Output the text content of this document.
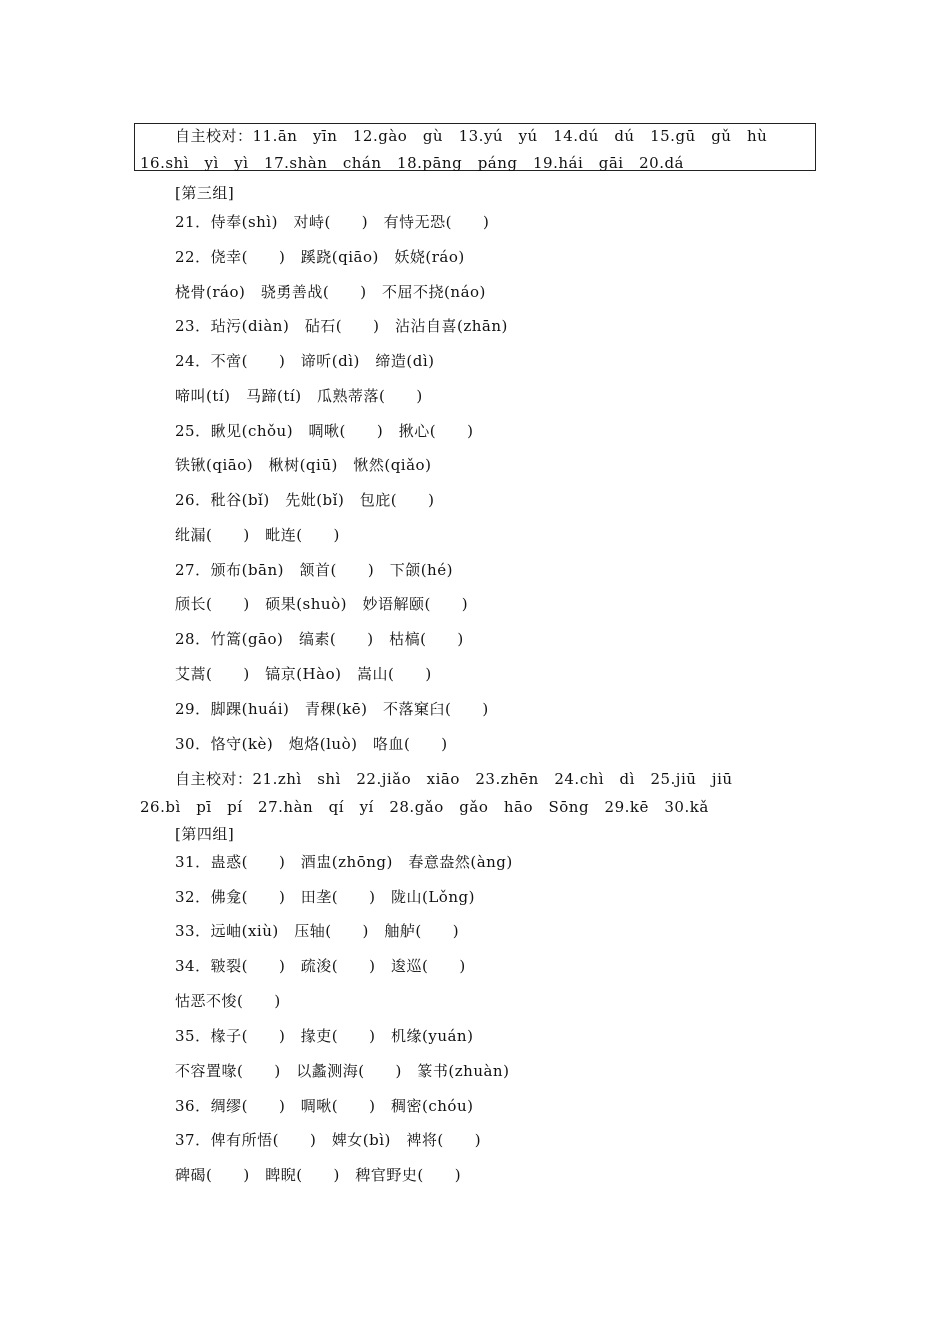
自主校对：11.ān　yīn　12.gào　gù　13.yú　yú　14.dú　dú　15.gū　gǔ　hù
16.shì　yì　yì　17.shàn　chán　18.pāng　páng　19.hái　gāi　20.dá
[第三组]
21．侍奉(shì)　对峙(　　)　有恃无恐(　　)
22．侥幸(　　)　蹊跷(qiāo)　妖娆(ráo)
桡骨(ráo)　骁勇善战(　　)　不屈不挠(náo)
23．玷污(diàn)　砧石(　　)　沾沾自喜(zhān)
24．不啻(　　)　谛听(dì)　缔造(dì)
啼叫(tí)　马蹄(tí)　瓜熟蒂落(　　)
25．瞅见(chǒu)　啁啾(　　)　揪心(　　)
铁锹(qiāo)　楸树(qiū)　愀然(qiǎo)
26．秕谷(bǐ)　先妣(bǐ)　包庇(　　)
纰漏(　　)　毗连(　　)
27．颁布(bān)　颔首(　　)　下颌(hé)
颀长(　　)　硕果(shuò)　妙语解颐(　　)
28．竹篙(gāo)　缟素(　　)　枯槁(　　)
艾蒿(　　)　镐京(Hào)　嵩山(　　)
29．脚踝(huái)　青稞(kē)　不落窠臼(　　)
30．恪守(kè)　炮烙(luò)　咯血(　　)
自主校对：21.zhì　shì　22.jiǎo　xiāo　23.zhēn　24.chì　dì　25.jiū　jiū
26.bì　pī　pí　27.hàn　qí　yí　28.gǎo　gǎo　hāo　Sōng　29.kē　30.kǎ
[第四组]
31．蛊惑(　　)　酒盅(zhōng)　春意盎然(àng)
32．佛龛(　　)　田垄(　　)　陇山(Lǒng)
33．远岫(xiù)　压轴(　　)　舳舻(　　)
34．皲裂(　　)　疏浚(　　)　逡巡(　　)
怙恶不悛(　　)
35．椽子(　　)　掾吏(　　)　机缘(yuán)
不容置喙(　　)　以蠡测海(　　)　篆书(zhuàn)
36．绸缪(　　)　啁啾(　　)　稠密(chóu)
37．俾有所悟(　　)　婢女(bì)　裨将(　　)
碑碣(　　)　睥睨(　　)　稗官野史(　　)
